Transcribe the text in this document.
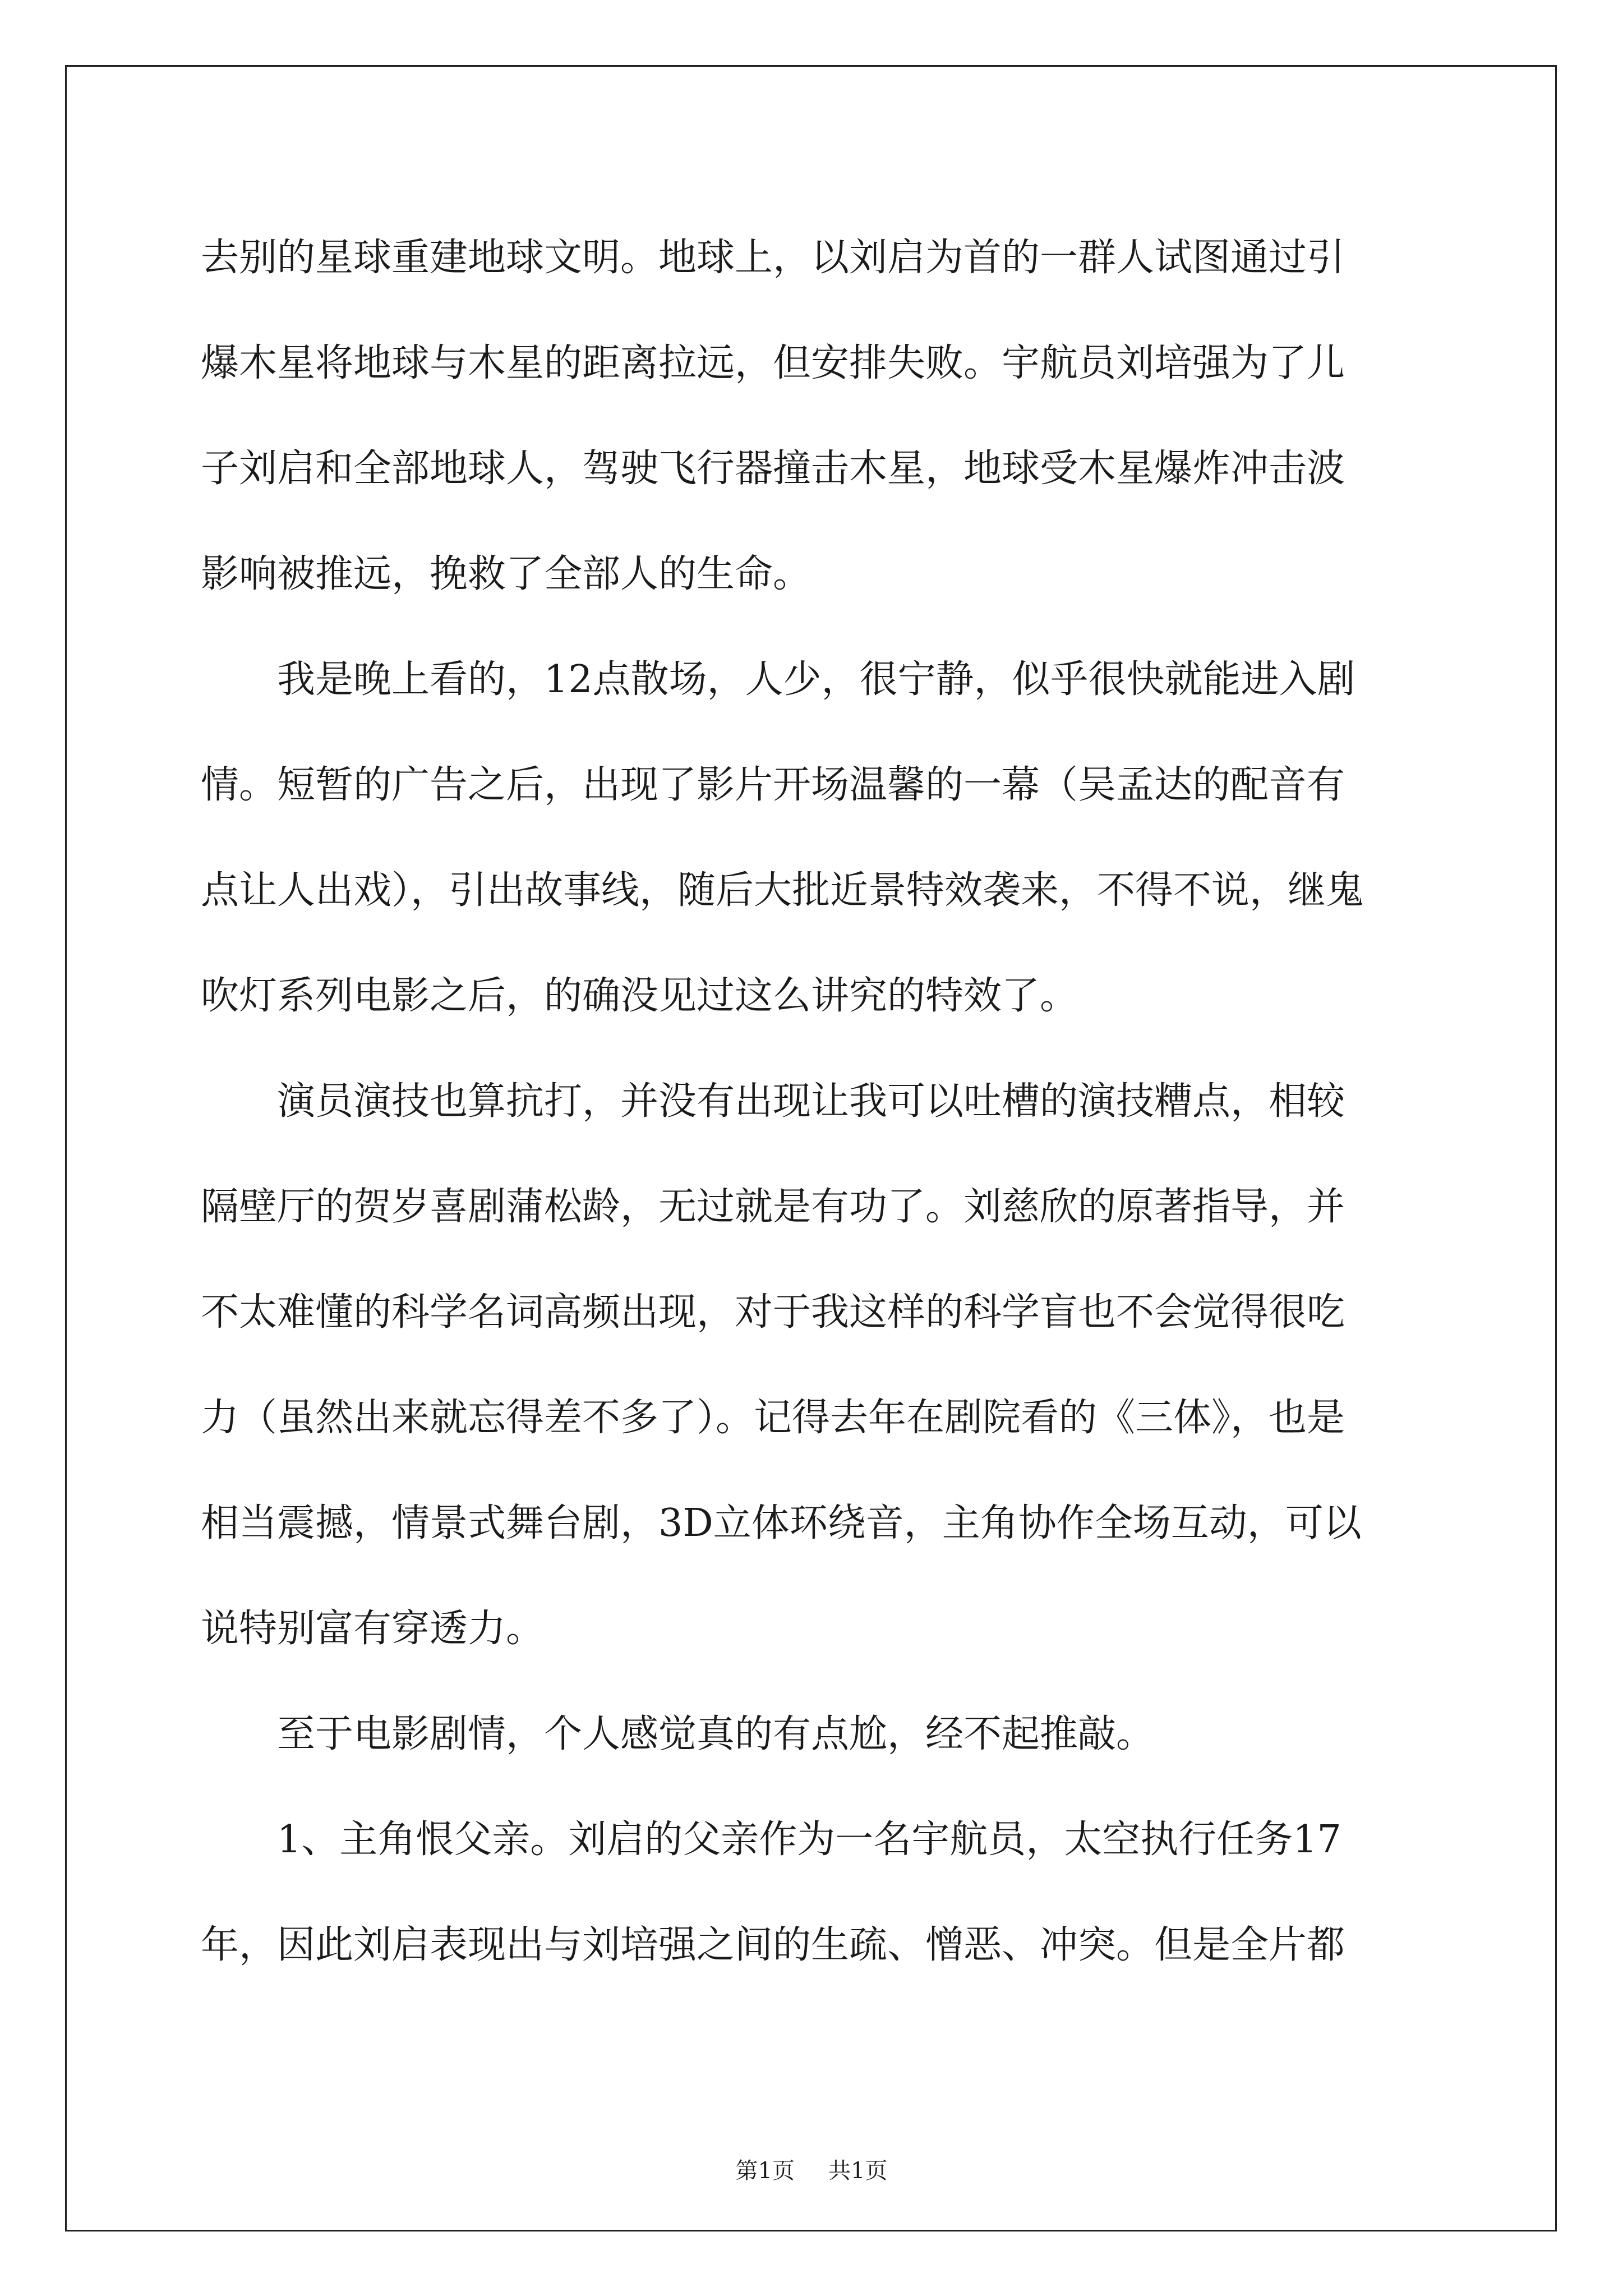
去别的星球重建地球文明。地球上，以刘启为首的一群人试图通过引
爆木星将地球与木星的距离拉远，但安排失败。宇航员刘培强为了儿
子刘启和全部地球人，驾驶飞行器撞击木星，地球受木星爆炸冲击波
影响被推远，挽救了全部人的生命。
　　我是晚上看的，12点散场，人少，很宁静，似乎很快就能进入剧
情。短暂的广告之后，出现了影片开场温馨的一幕（吴孟达的配音有
点让人出戏），引出故事线，随后大批近景特效袭来，不得不说，继鬼
吹灯系列电影之后，的确没见过这么讲究的特效了。
　　演员演技也算抗打，并没有出现让我可以吐槽的演技糟点，相较
隔壁厅的贺岁喜剧蒲松龄，无过就是有功了。刘慈欣的原著指导，并
不太难懂的科学名词高频出现，对于我这样的科学盲也不会觉得很吃
力（虽然出来就忘得差不多了）。记得去年在剧院看的《三体》，也是
相当震撼，情景式舞台剧，3D立体环绕音，主角协作全场互动，可以
说特别富有穿透力。
　　至于电影剧情，个人感觉真的有点尬，经不起推敲。
　　1、主角恨父亲。刘启的父亲作为一名宇航员，太空执行任务17
年，因此刘启表现出与刘培强之间的生疏、憎恶、冲突。但是全片都
第1页 共1页
